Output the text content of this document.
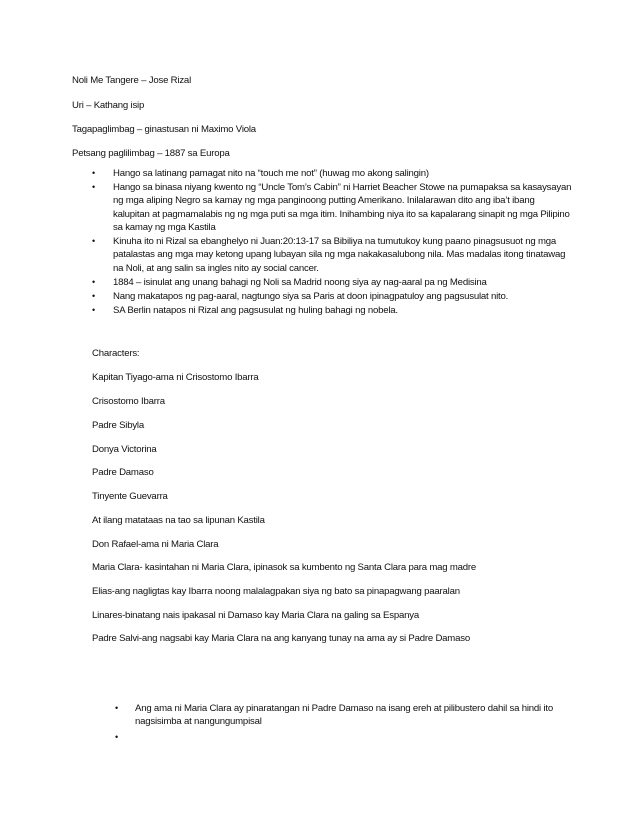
Noli Me Tangere – Jose Rizal
Uri – Kathang isip
Tagapaglimbag – ginastusan ni Maximo Viola
Petsang paglilimbag – 1887 sa Europa
• Hango sa latinang pamagat nito na “touch me not” (huwag mo akong salingin)
• Hango sa binasa niyang kwento ng “Uncle Tom’s Cabin” ni Harriet Beacher Stowe na pumapaksa sa kasaysayan ng mga aliping Negro sa kamay ng mga panginoong putting Amerikano. Inilalarawan dito ang iba’t ibang kalupitan at pagmamalabis ng ng mga puti sa mga itim. Inihambing niya ito sa kapalarang sinapit ng mga Pilipino sa kamay ng mga Kastila
• Kinuha ito ni Rizal sa ebanghelyo ni Juan:20:13-17 sa Bibiliya na tumutukoy kung paano pinagsusuot ng mga patalastas ang mga may ketong upang lubayan sila ng mga nakakasalubong nila. Mas madalas itong tinatawag na Noli, at ang salin sa ingles nito ay social cancer.
• 1884 – isinulat ang unang bahagi ng Noli sa Madrid noong siya ay nag-aaral pa ng Medisina
• Nang makatapos ng pag-aaral, nagtungo siya sa Paris at doon ipinagpatuloy ang pagsusulat nito.
• SA Berlin natapos ni Rizal ang pagsusulat ng huling bahagi ng nobela.
Characters:
Kapitan Tiyago-ama ni Crisostomo Ibarra
Crisostomo Ibarra
Padre Sibyla
Donya Victorina
Padre Damaso
Tinyente Guevarra
At ilang matataas na tao sa lipunan Kastila
Don Rafael-ama ni Maria Clara
Maria Clara- kasintahan ni Maria Clara, ipinasok sa kumbento ng Santa Clara para mag madre
Elias-ang nagligtas kay Ibarra noong malalagpakan siya ng bato sa pinapagwang paaralan
Linares-binatang nais ipakasal ni Damaso kay Maria Clara na galing sa Espanya
Padre Salvi-ang nagsabi kay Maria Clara na ang kanyang tunay na ama ay si Padre Damaso
• Ang ama ni Maria Clara ay pinaratangan ni Padre Damaso na isang ereh at pilibustero dahil sa hindi ito nagsisimba at nangungumpisal
•
